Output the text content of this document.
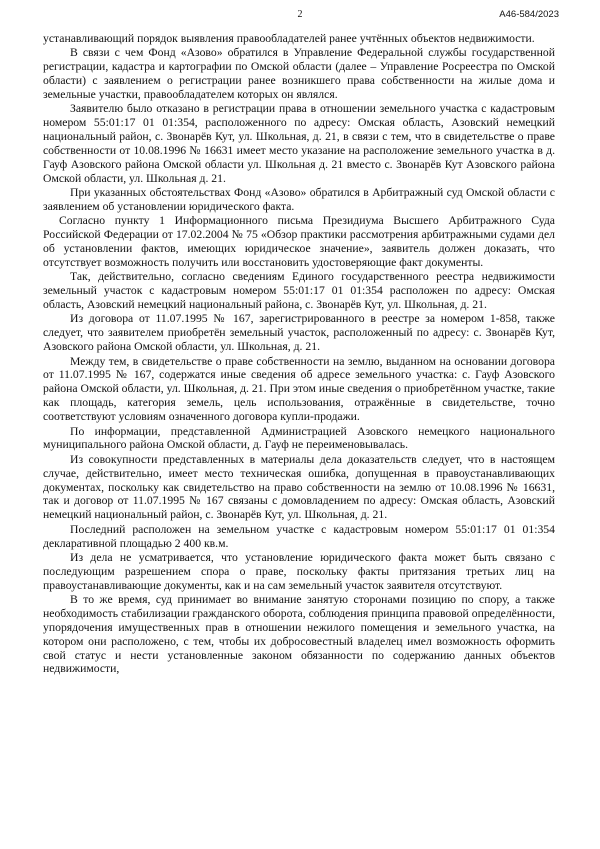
2	А46-584/2023

устанавливающий порядок выявления правообладателей ранее учтённых объектов недвижимости.

В связи с чем Фонд «Азово» обратился в Управление Федеральной службы государственной регистрации, кадастра и картографии по Омской области (далее – Управление Росреестра по Омской области) с заявлением о регистрации ранее возникшего права собственности на жилые дома и земельные участки, правообладателем которых он являлся.

Заявителю было отказано в регистрации права в отношении земельного участка с кадастровым номером 55:01:17 01 01:354, расположенного по адресу: Омская область, Азовский немецкий национальный район, с. Звонарёв Кут, ул. Школьная, д. 21, в связи с тем, что в свидетельстве о праве собственности от 10.08.1996 № 16631 имеет место указание на расположение земельного участка в д. Гауф Азовского района Омской области ул. Школьная д. 21 вместо с. Звонарёв Кут Азовского района Омской области, ул. Школьная д. 21.

При указанных обстоятельствах Фонд «Азово» обратился в Арбитражный суд Омской области с заявлением об установлении юридического факта.

Согласно пункту 1 Информационного письма Президиума Высшего Арбитражного Суда Российской Федерации от 17.02.2004 № 75 «Обзор практики рассмотрения арбитражными судами дел об установлении фактов, имеющих юридическое значение», заявитель должен доказать, что отсутствует возможность получить или восстановить удостоверяющие факт документы.

Так, действительно, согласно сведениям Единого государственного реестра недвижимости земельный участок с кадастровым номером 55:01:17 01 01:354 расположен по адресу: Омская область, Азовский немецкий национальный района, с. Звонарёв Кут, ул. Школьная, д. 21.

Из договора от 11.07.1995 № 167, зарегистрированного в реестре за номером 1-858, также следует, что заявителем приобретён земельный участок, расположенный по адресу: с. Звонарёв Кут, Азовского района Омской области, ул. Школьная, д. 21.

Между тем, в свидетельстве о праве собственности на землю, выданном на основании договора от 11.07.1995 № 167, содержатся иные сведения об адресе земельного участка: с. Гауф Азовского района Омской области, ул. Школьная, д. 21. При этом иные сведения о приобретённом участке, такие как площадь, категория земель, цель использования, отражённые в свидетельстве, точно соответствуют условиям означенного договора купли-продажи.

По информации, представленной Администрацией Азовского немецкого национального муниципального района Омской области, д. Гауф не переименовывалась.

Из совокупности представленных в материалы дела доказательств следует, что в настоящем случае, действительно, имеет место техническая ошибка, допущенная в правоустанавливающих документах, поскольку как свидетельство на право собственности на землю от 10.08.1996 № 16631, так и договор от 11.07.1995 № 167 связаны с домовладением по адресу: Омская область, Азовский немецкий национальный район, с. Звонарёв Кут, ул. Школьная, д. 21.

Последний расположен на земельном участке с кадастровым номером 55:01:17 01 01:354 декларативной площадью 2 400 кв.м.

Из дела не усматривается, что установление юридического факта может быть связано с последующим разрешением спора о праве, поскольку факты притязания третьих лиц на правоустанавливающие документы, как и на сам земельный участок заявителя отсутствуют.

В то же время, суд принимает во внимание занятую сторонами позицию по спору, а также необходимость стабилизации гражданского оборота, соблюдения принципа правовой определённости, упорядочения имущественных прав в отношении нежилого помещения и земельного участка, на котором они расположено, с тем, чтобы их добросовестный владелец имел возможность оформить свой статус и нести установленные законом обязанности по содержанию данных объектов недвижимости,
